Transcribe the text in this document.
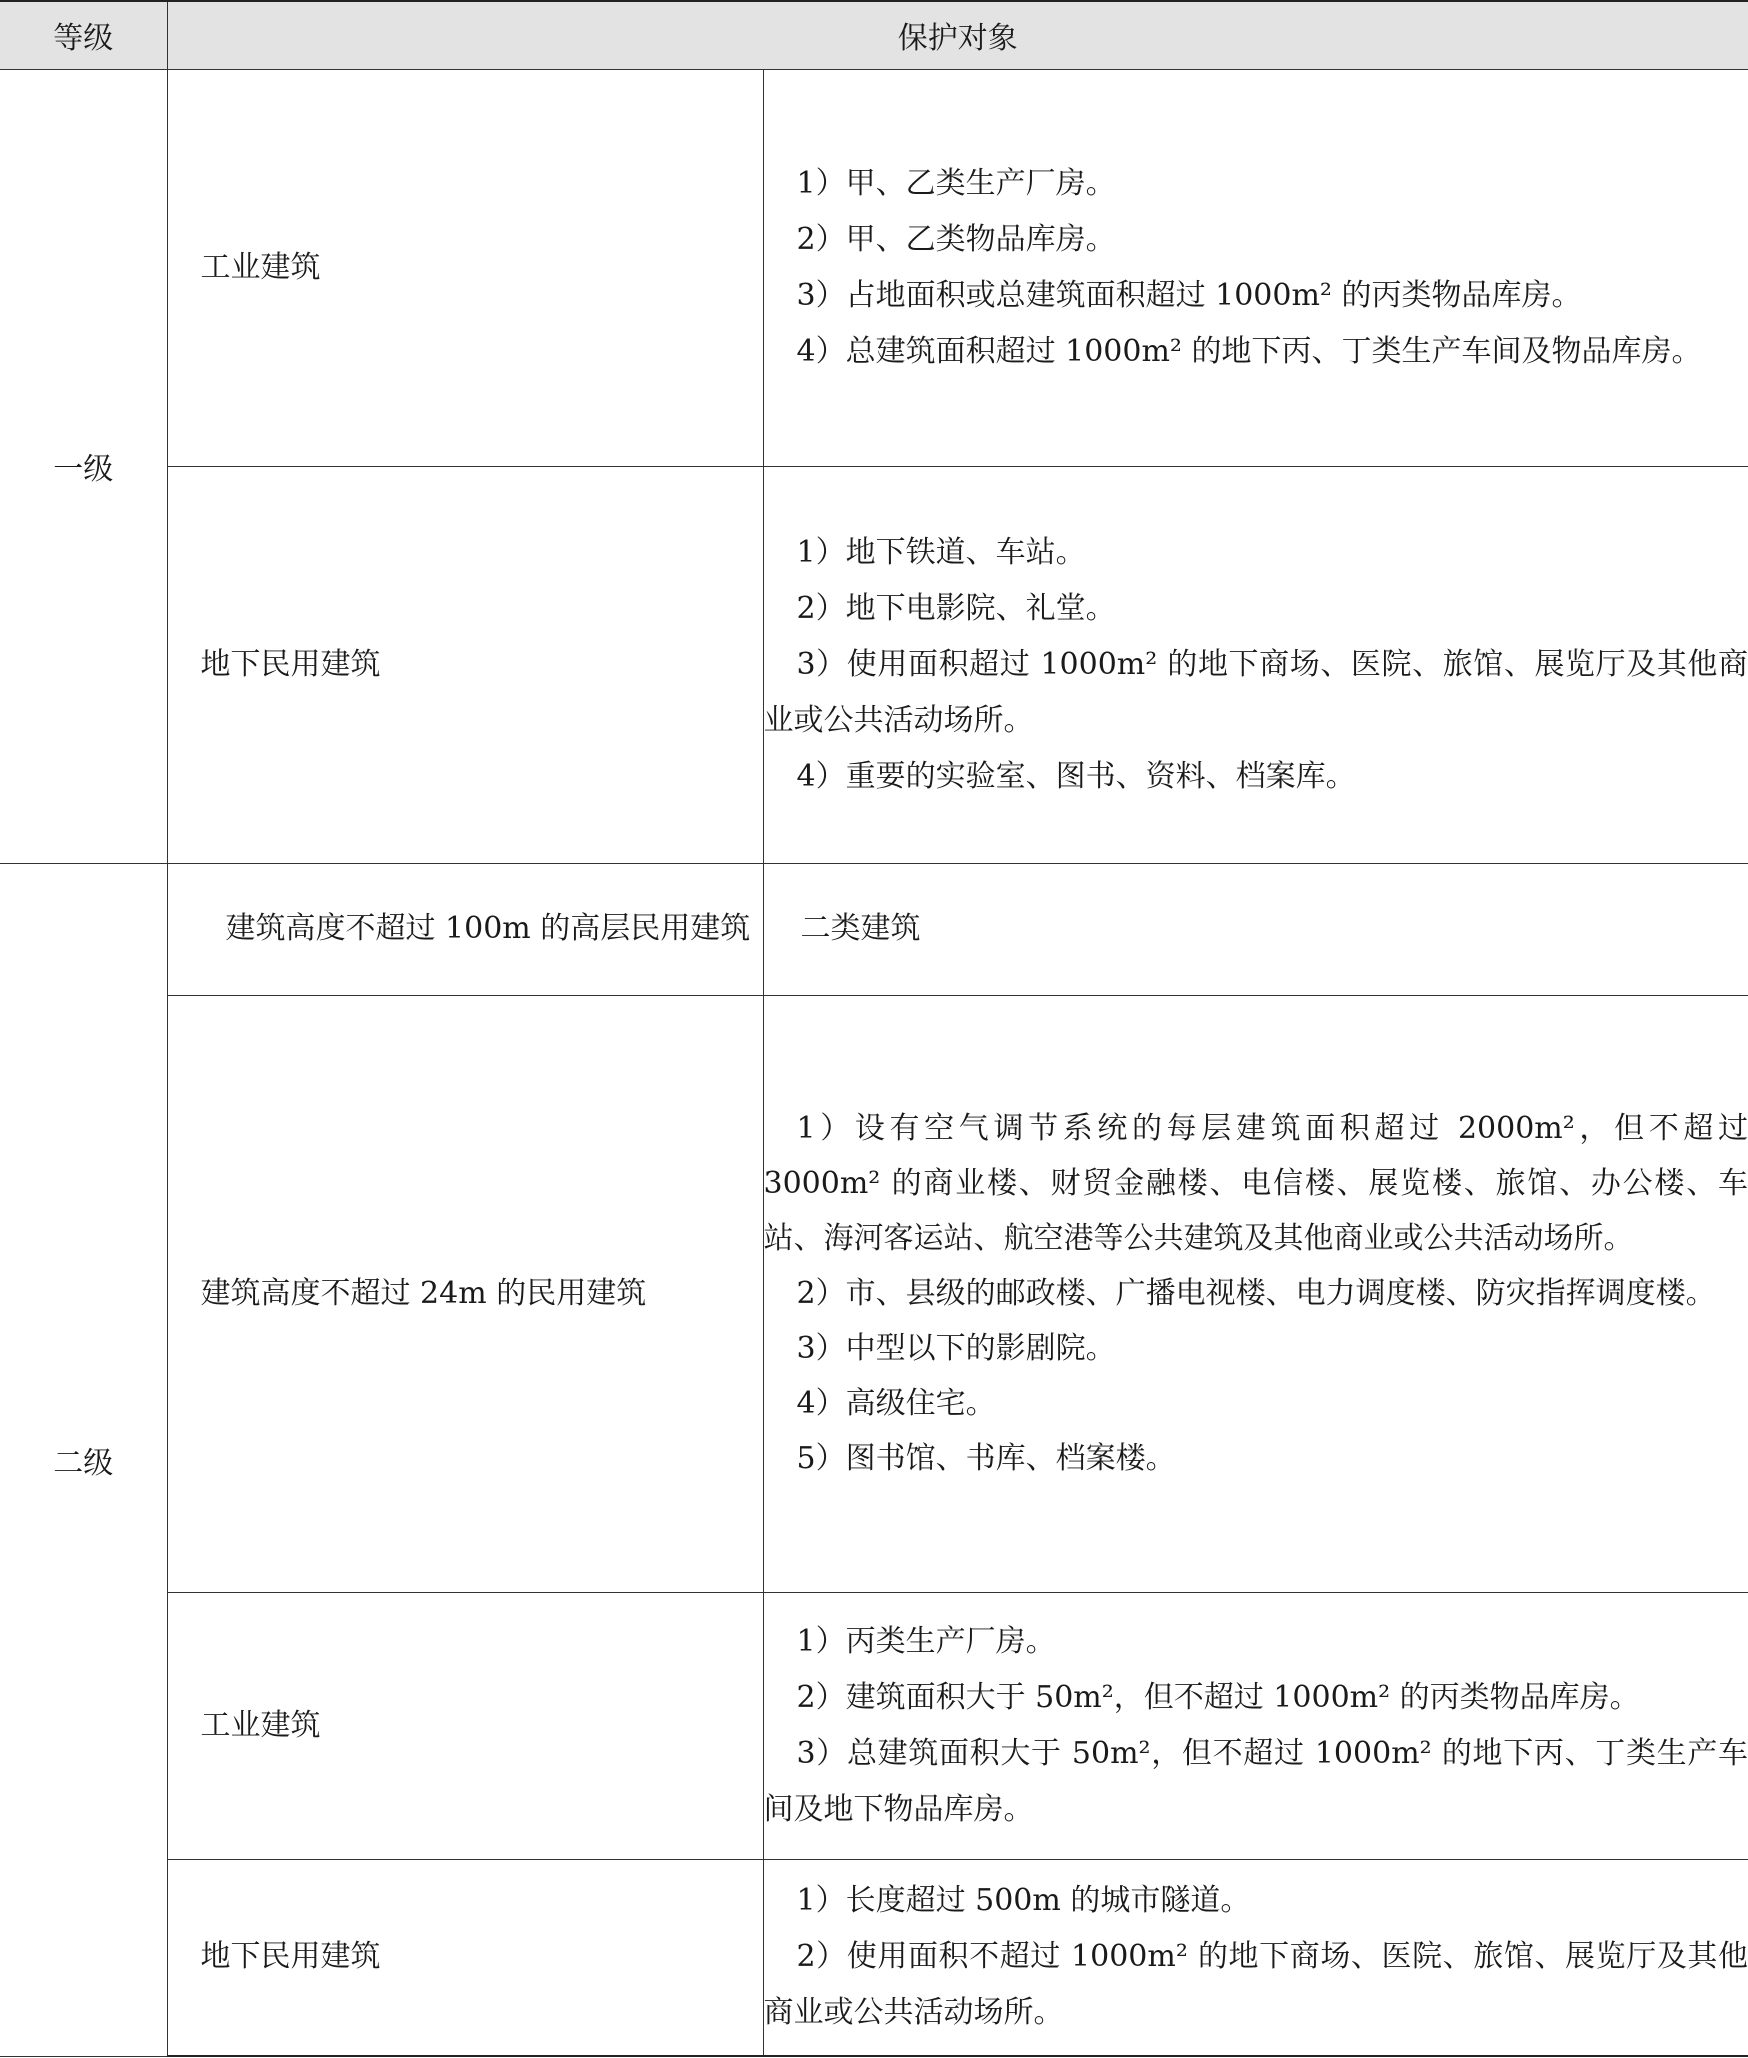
等级	保护对象	
一级	工业建筑	1）甲、乙类生产厂房。

2）甲、乙类物品库房。

3）占地面积或总建筑面积超过 1000m² 的丙类物品库房。

4）总建筑面积超过 1000m² 的地下丙、丁类生产车间及物品库房。

	地下民用建筑	1）地下铁道、车站。

2）地下电影院、礼堂。

3）使用面积超过 1000m² 的地下商场、医院、旅馆、展览厅及其他商业或公共活动场所。

4）重要的实验室、图书、资料、档案库。

二级	建筑高度不超过 100m 的高层民用建筑	二类建筑

	建筑高度不超过 24m 的民用建筑	1）设有空气调节系统的每层建筑面积超过 2000m²，但不超过 3000m² 的商业楼、财贸金融楼、电信楼、展览楼、旅馆、办公楼、车站、海河客运站、航空港等公共建筑及其他商业或公共活动场所。

2）市、县级的邮政楼、广播电视楼、电力调度楼、防灾指挥调度楼。

3）中型以下的影剧院。

4）高级住宅。

5）图书馆、书库、档案楼。

	工业建筑	1）丙类生产厂房。

2）建筑面积大于 50m²，但不超过 1000m² 的丙类物品库房。

3）总建筑面积大于 50m²，但不超过 1000m² 的地下丙、丁类生产车间及地下物品库房。

	地下民用建筑	1）长度超过 500m 的城市隧道。

2）使用面积不超过 1000m² 的地下商场、医院、旅馆、展览厅及其他商业或公共活动场所。
